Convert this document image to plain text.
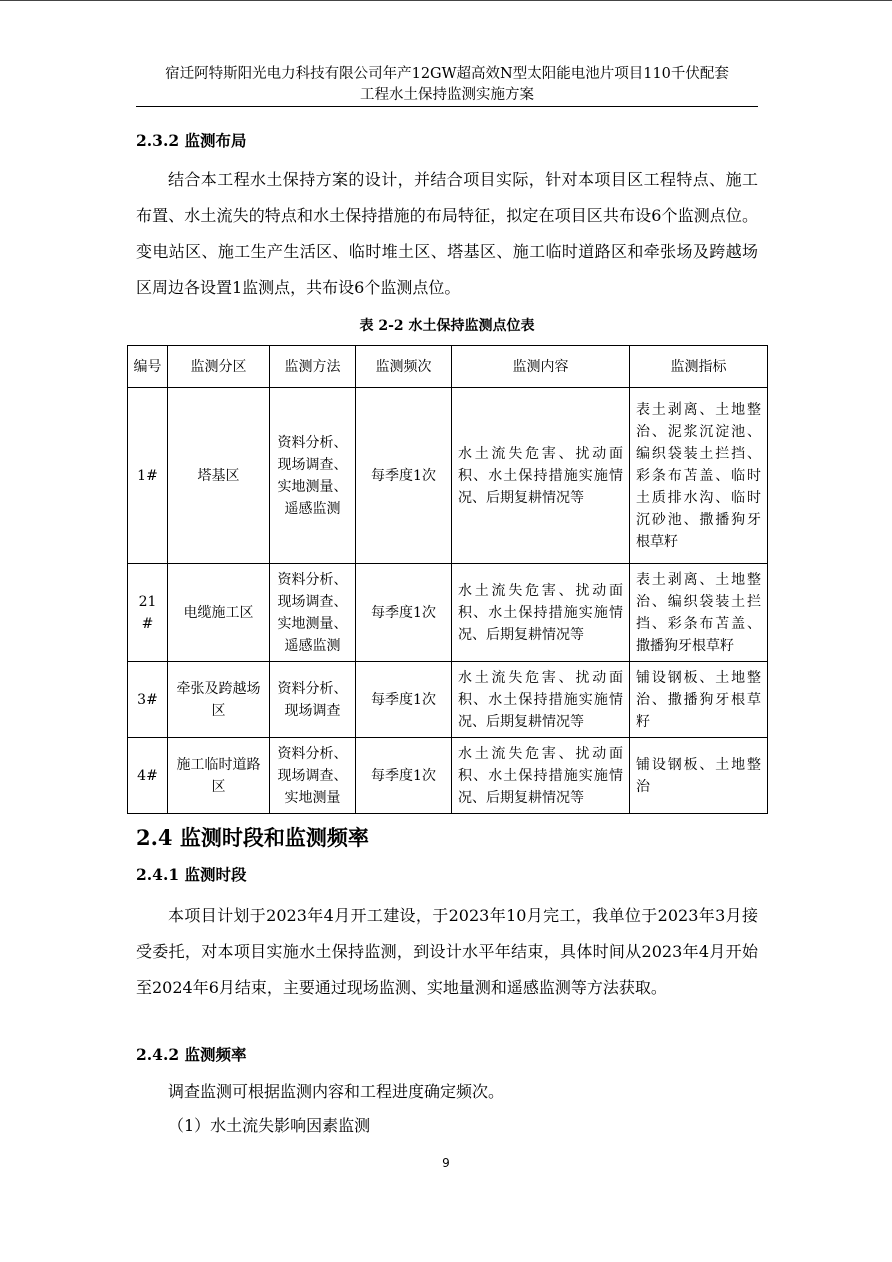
宿迁阿特斯阳光电力科技有限公司年产12GW超高效N型太阳能电池片项目110千伏配套
工程水土保持监测实施方案
2.3.2 监测布局

结合本工程水土保持方案的设计，并结合项目实际，针对本项目区工程特点、施工布置、水土流失的特点和水土保持措施的布局特征，拟定在项目区共布设6个监测点位。变电站区、施工生产生活区、临时堆土区、塔基区、施工临时道路区和牵张场及跨越场区周边各设置1监测点，共布设6个监测点位。

表 2-2 水土保持监测点位表
编号	监测分区	监测方法	监测频次	监测内容	监测指标
1#	塔基区	资料分析、现场调查、实地测量、遥感监测	每季度1次	水土流失危害、扰动面积、水土保持措施实施情况、后期复耕情况等	表土剥离、土地整治、泥浆沉淀池、编织袋装土拦挡、彩条布苫盖、临时土质排水沟、临时沉砂池、撒播狗牙根草籽
21#	电缆施工区	资料分析、现场调查、实地测量、遥感监测	每季度1次	水土流失危害、扰动面积、水土保持措施实施情况、后期复耕情况等	表土剥离、土地整治、编织袋装土拦挡、彩条布苫盖、撒播狗牙根草籽
3#	牵张及跨越场区	资料分析、现场调查	每季度1次	水土流失危害、扰动面积、水土保持措施实施情况、后期复耕情况等	铺设钢板、土地整治、撒播狗牙根草籽
4#	施工临时道路区	资料分析、现场调查、实地测量	每季度1次	水土流失危害、扰动面积、水土保持措施实施情况、后期复耕情况等	铺设钢板、土地整治
2.4 监测时段和监测频率
2.4.1 监测时段

本项目计划于2023年4月开工建设，于2023年10月完工，我单位于2023年3月接受委托，对本项目实施水土保持监测，到设计水平年结束，具体时间从2023年4月开始至2024年6月结束，主要通过现场监测、实地量测和遥感监测等方法获取。

2.4.2 监测频率

调查监测可根据监测内容和工程进度确定频次。

（1）水土流失影响因素监测

9
